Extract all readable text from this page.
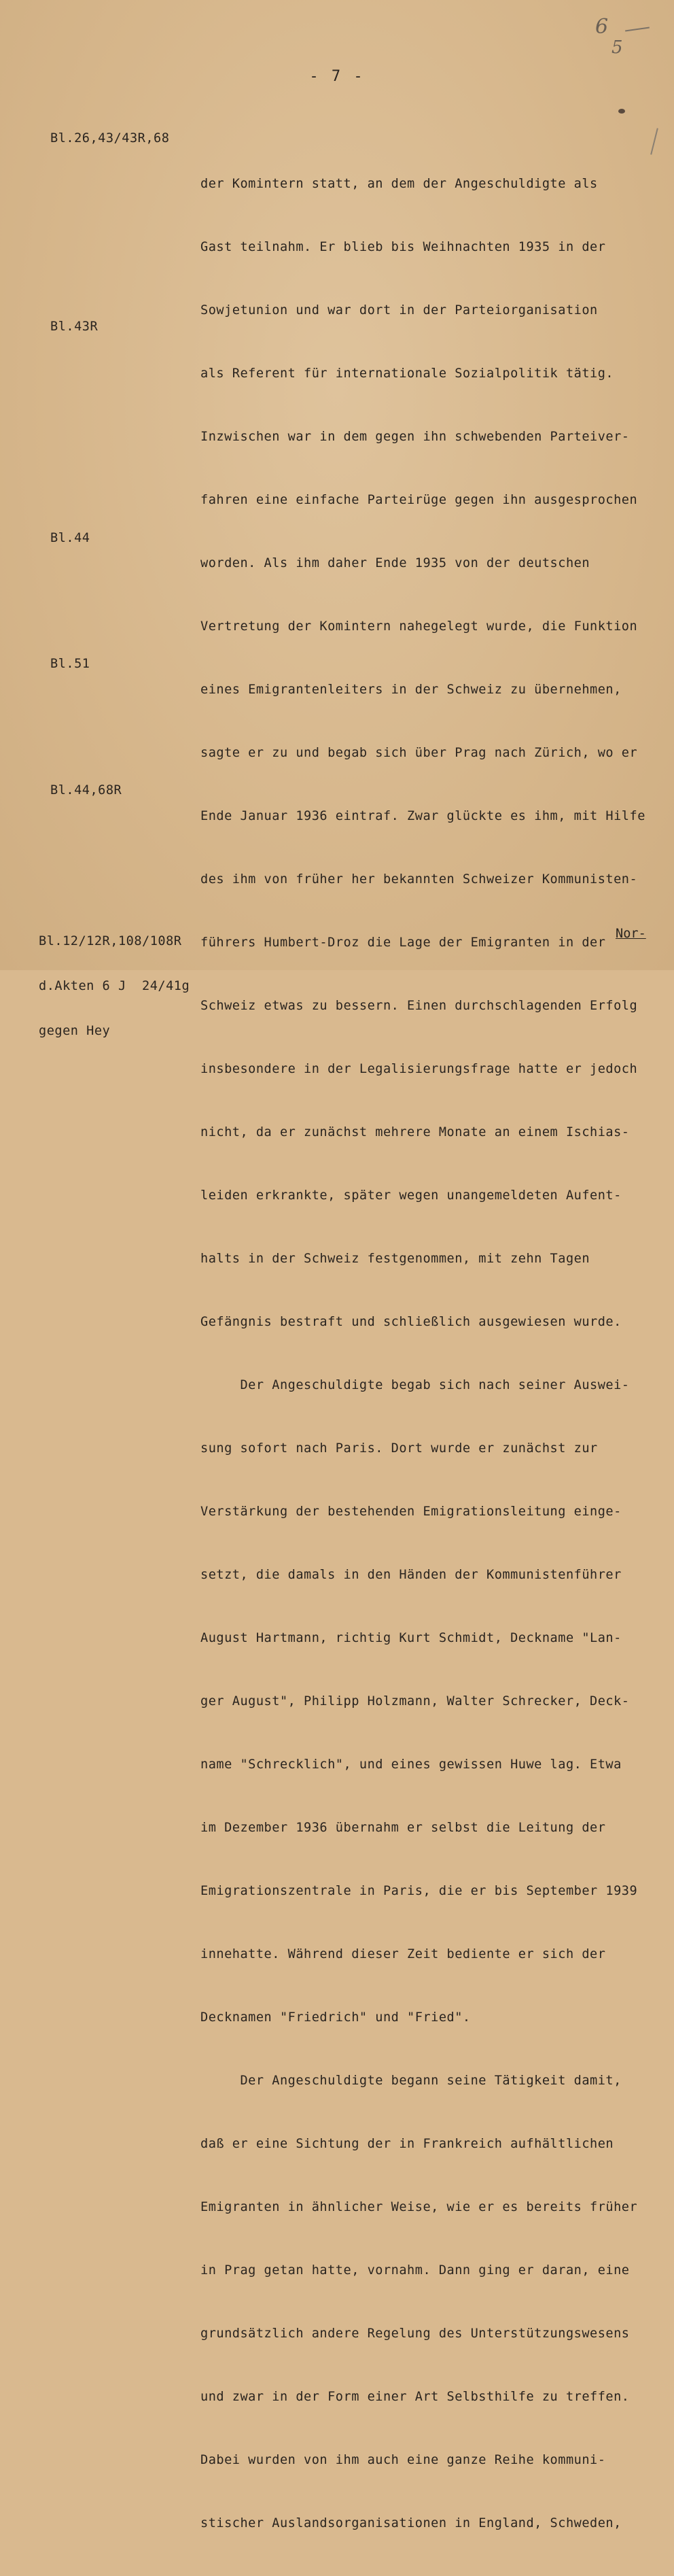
6
5
- 7 -
Bl.26,43/43R,68
Bl.43R
Bl.44
Bl.51
Bl.44,68R

der Komintern statt, an dem der Angeschuldigte als

Gast teilnahm. Er blieb bis Weihnachten 1935 in der

Sowjetunion und war dort in der Parteiorganisation

als Referent für internationale Sozialpolitik tätig.

Inzwischen war in dem gegen ihn schwebenden Parteiver-

fahren eine einfache Parteirüge gegen ihn ausgesprochen

worden. Als ihm daher Ende 1935 von der deutschen

Vertretung der Komintern nahegelegt wurde, die Funktion

eines Emigrantenleiters in der Schweiz zu übernehmen,

sagte er zu und begab sich über Prag nach Zürich, wo er

Ende Januar 1936 eintraf. Zwar glückte es ihm, mit Hilfe

des ihm von früher her bekannten Schweizer Kommunisten-

führers Humbert-Droz die Lage der Emigranten in der

Schweiz etwas zu bessern. Einen durchschlagenden Erfolg

insbesondere in der Legalisierungsfrage hatte er jedoch

nicht, da er zunächst mehrere Monate an einem Ischias-

leiden erkrankte, später wegen unangemeldeten Aufent-

halts in der Schweiz festgenommen, mit zehn Tagen

Gefängnis bestraft und schließlich ausgewiesen wurde.

Der Angeschuldigte begab sich nach seiner Auswei-

sung sofort nach Paris. Dort wurde er zunächst zur

Verstärkung der bestehenden Emigrationsleitung einge-

setzt, die damals in den Händen der Kommunistenführer

August Hartmann, richtig Kurt Schmidt, Deckname "Lan-

ger August", Philipp Holzmann, Walter Schrecker, Deck-

name "Schrecklich", und eines gewissen Huwe lag. Etwa

im Dezember 1936 übernahm er selbst die Leitung der

Emigrationszentrale in Paris, die er bis September 1939

innehatte. Während dieser Zeit bediente er sich der

Decknamen "Friedrich" und "Fried".

Der Angeschuldigte begann seine Tätigkeit damit,

daß er eine Sichtung der in Frankreich aufhältlichen

Emigranten in ähnlicher Weise, wie er es bereits früher

in Prag getan hatte, vornahm. Dann ging er daran, eine

grundsätzlich andere Regelung des Unterstützungswesens

und zwar in der Form einer Art Selbsthilfe zu treffen.

Dabei wurden von ihm auch eine ganze Reihe kommuni-

stischer Auslandsorganisationen in England, Schweden,

Bl.12/12R,108/108R

d.Akten 6 J  24/41g

gegen Hey

Nor-
